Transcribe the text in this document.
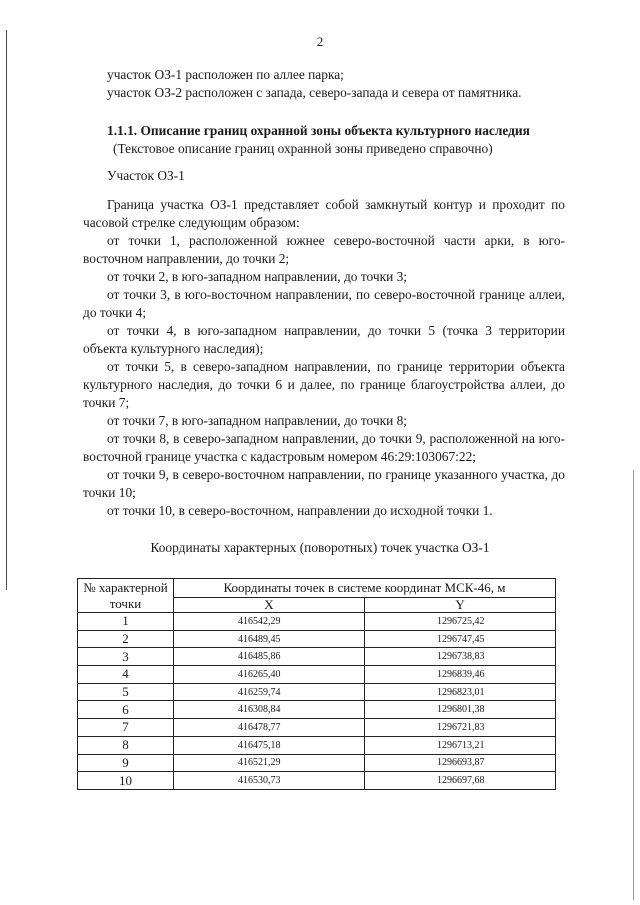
2

участок ОЗ-1 расположен по аллее парка;

участок ОЗ-2 расположен с запада, северо-запада и севера от памятника.

1.1.1. Описание границ охранной зоны объекта культурного наследия

(Текстовое описание границ охранной зоны приведено справочно)

Участок ОЗ-1

Граница участка ОЗ-1 представляет собой замкнутый контур и проходит по часовой стрелке следующим образом:

от точки 1, расположенной южнее северо-восточной части арки, в юго-восточном направлении, до точки 2;

от точки 2, в юго-западном направлении, до точки 3;

от точки 3, в юго-восточном направлении, по северо-восточной границе аллеи, до точки 4;

от точки 4, в юго-западном направлении, до точки 5 (точка 3 территории объекта культурного наследия);

от точки 5, в северо-западном направлении, по границе территории объекта культурного наследия, до точки 6 и далее, по границе благоустройства аллеи, до точки 7;

от точки 7, в юго-западном направлении, до точки 8;

от точки 8, в северо-западном направлении, до точки 9, расположенной на юго-восточной границе участка с кадастровым номером 46:29:103067:22;

от точки 9, в северо-восточном направлении, по границе указанного участка, до точки 10;

от точки 10, в северо-восточном, направлении до исходной точки 1.

Координаты характерных (поворотных) точек участка ОЗ-1

№ характерной точки	Координаты точек в системе координат МСК-46, м	
	X	Y
1	416542,29	1296725,42
2	416489,45	1296747,45
3	416485,86	1296738,83
4	416265,40	1296839,46
5	416259,74	1296823,01
6	416308,84	1296801,38
7	416478,77	1296721,83
8	416475,18	1296713,21
9	416521,29	1296693,87
10	416530,73	1296697,68
